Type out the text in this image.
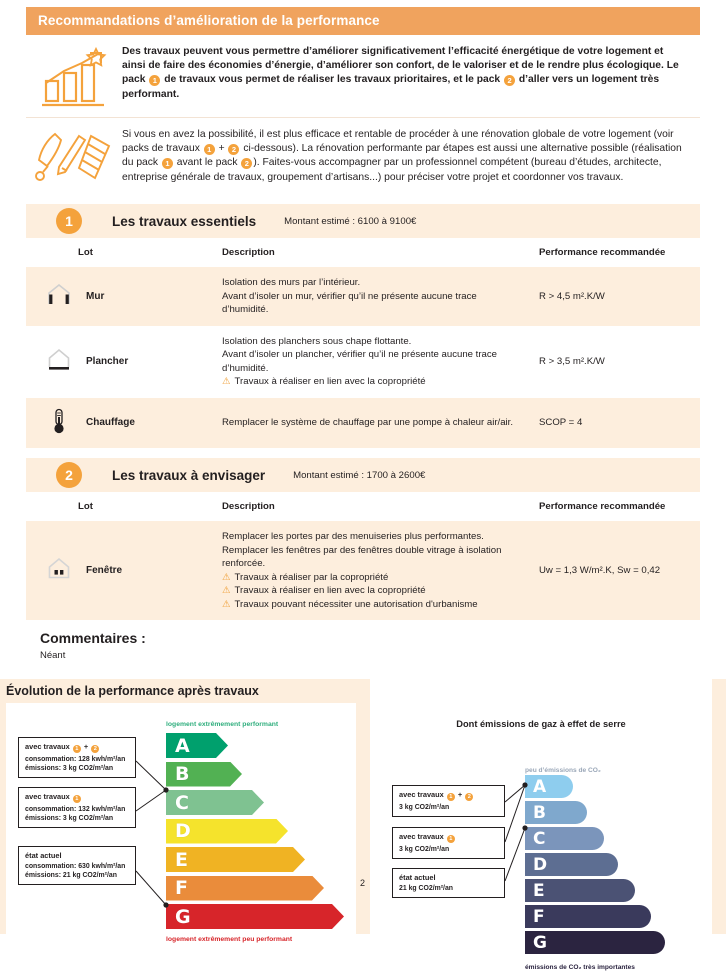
Recommandations d’amélioration de la performance
Des travaux peuvent vous permettre d’améliorer significativement l’efficacité énergétique de votre logement et ainsi de faire des économies d’énergie, d’améliorer son confort, de le valoriser et de le rendre plus écologique. Le pack 1 de travaux vous permet de réaliser les travaux prioritaires, et le pack 2 d’aller vers un logement très performant.
Si vous en avez la possibilité, il est plus efficace et rentable de procéder à une rénovation globale de votre logement (voir packs de travaux 1 + 2 ci-dessous). La rénovation performante par étapes est aussi une alternative possible (réalisation du pack 1 avant le pack 2 ). Faites-vous accompagner par un professionnel compétent (bureau d’études, architecte, entreprise générale de travaux, groupement d’artisans...) pour préciser votre projet et coordonner vos travaux.
1	Les travaux essentiels	Montant estimé : 6100 à 9100€
Lot	Description	Performance recommandée

Mur	Isolation des murs par l’intérieur.
Avant d’isoler un mur, vérifier qu’il ne présente aucune trace d’humidité.	R > 4,5 m².K/W

Plancher	Isolation des planchers sous chape flottante.
Avant d’isoler un plancher, vérifier qu’il ne présente aucune trace d’humidité.
⚠ Travaux à réaliser en lien avec la copropriété	R > 3,5 m².K/W

Chauffage	Remplacer le système de chauffage par une pompe à chaleur air/air.	SCOP = 4
2	Les travaux à envisager	Montant estimé : 1700 à 2600€
Lot	Description	Performance recommandée

Fenêtre

Remplacer les portes par des menuiseries plus performantes.
Remplacer les fenêtres par des fenêtres double vitrage à isolation renforcée.
⚠ Travaux à réaliser par la copropriété
⚠ Travaux à réaliser en lien avec la copropriété
⚠ Travaux pouvant nécessiter une autorisation d'urbanisme
	Uw = 1,3 W/m².K, Sw = 0,42
Commentaires :
Néant
Évolution de la performance après travaux
logement extrêmement performant
A
B
C
D
E
F
G
logement extrêmement peu performant
avec travaux 1 + 2
consommation: 128 kwh/m²/an
émissions: 3 kg CO2/m²/an
avec travaux 1
consommation: 132 kwh/m²/an
émissions: 3 kg CO2/m²/an
état actuel
consommation: 630 kwh/m²/an
émissions: 21 kg CO2/m²/an
Dont émissions de gaz à effet de serre
peu d’émissions de CO₂
A
B
C
D
E
F
G
émissions de CO₂ très importantes
avec travaux 1 + 2
3 kg CO2/m²/an
avec travaux 1
3 kg CO2/m²/an
état actuel
21 kg CO2/m²/an
2
